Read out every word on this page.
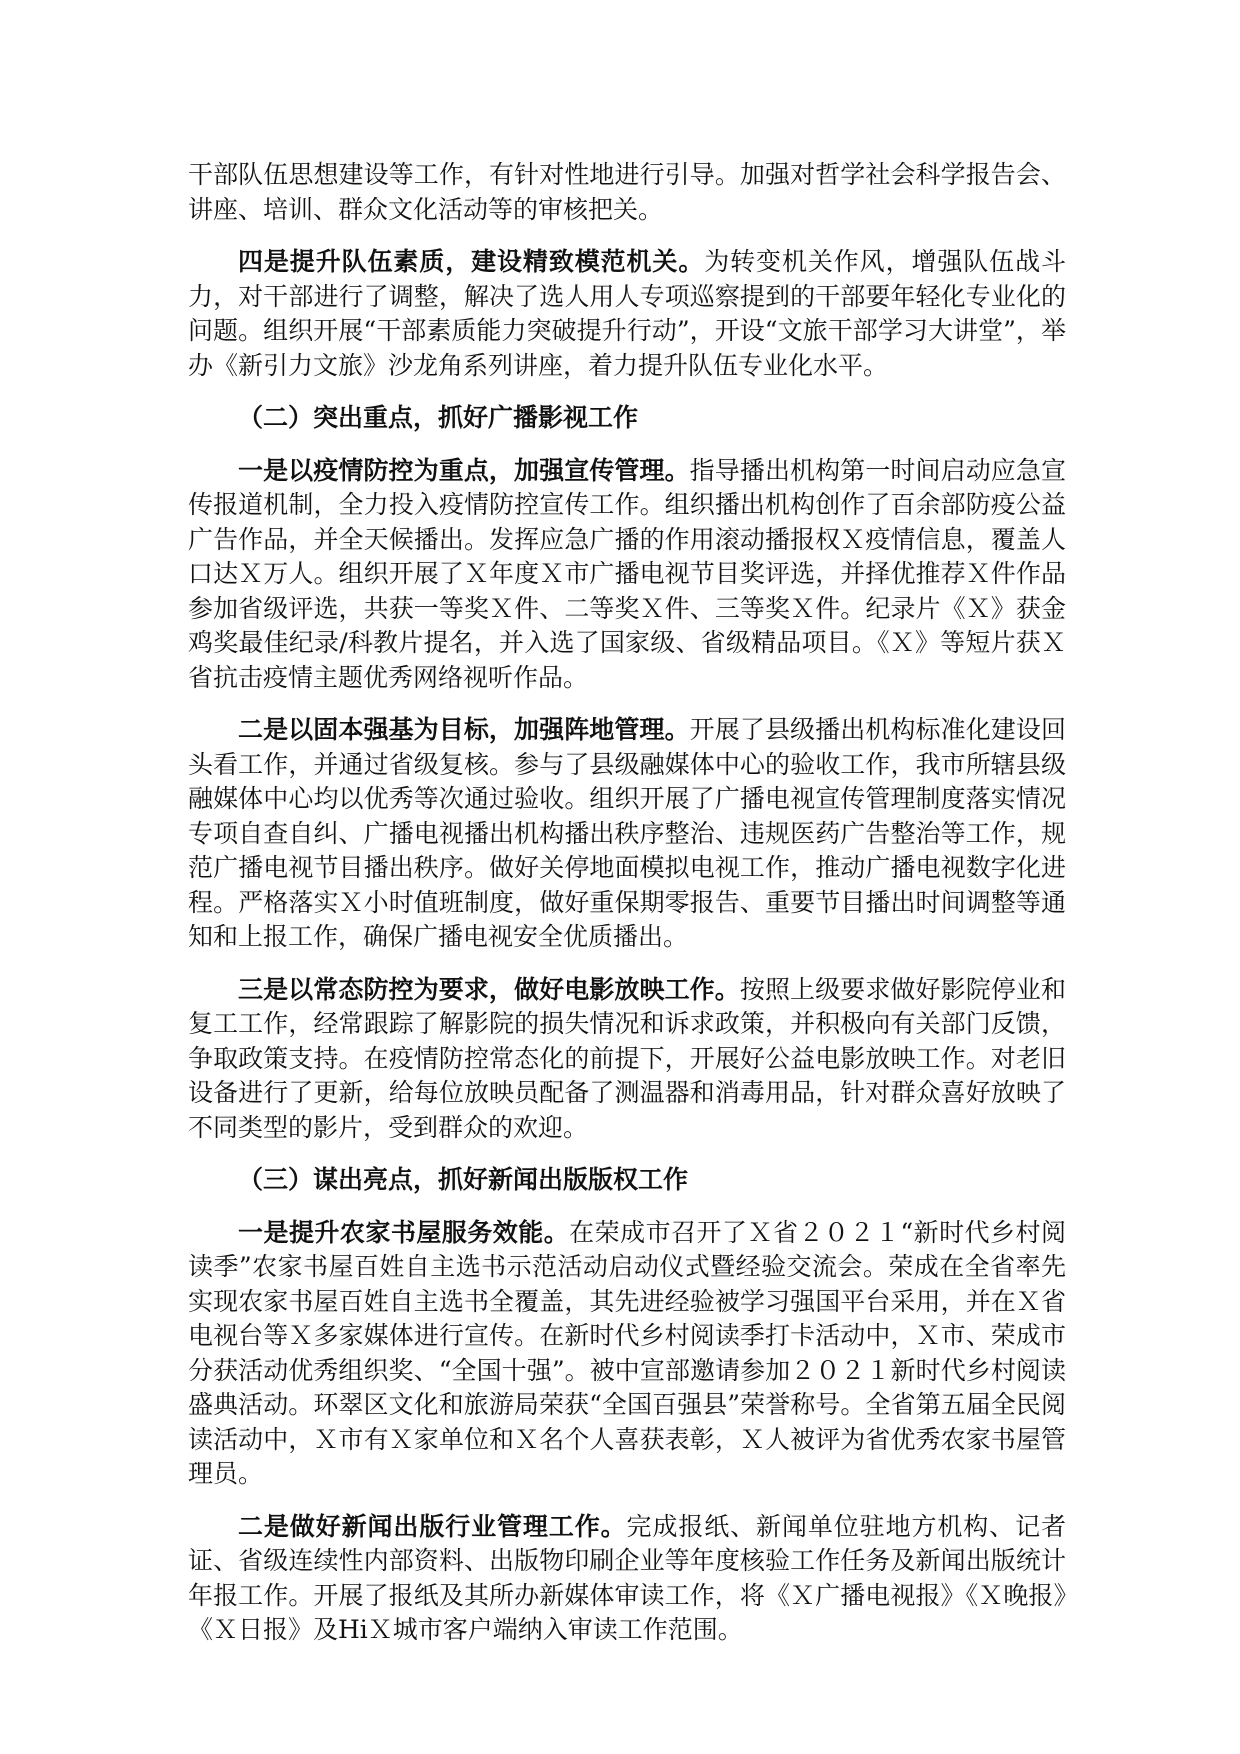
干部队伍思想建设等工作，有针对性地进行引导。加强对哲学社会科学报告会、讲座、培训、群众文化活动等的审核把关。

四是提升队伍素质，建设精致模范机关。为转变机关作风，增强队伍战斗力，对干部进行了调整，解决了选人用人专项巡察提到的干部要年轻化专业化的问题。组织开展“干部素质能力突破提升行动”，开设“文旅干部学习大讲堂”，举办《新引力文旅》沙龙角系列讲座，着力提升队伍专业化水平。

（二）突出重点，抓好广播影视工作

一是以疫情防控为重点，加强宣传管理。指导播出机构第一时间启动应急宣传报道机制，全力投入疫情防控宣传工作。组织播出机构创作了百余部防疫公益广告作品，并全天候播出。发挥应急广播的作用滚动播报权Ｘ疫情信息，覆盖人口达Ｘ万人。组织开展了Ｘ年度Ｘ市广播电视节目奖评选，并择优推荐Ｘ件作品参加省级评选，共获一等奖Ｘ件、二等奖Ｘ件、三等奖Ｘ件。纪录片《Ｘ》获金鸡奖最佳纪录/科教片提名，并入选了国家级、省级精品项目。《Ｘ》等短片获Ｘ省抗击疫情主题优秀网络视听作品。

二是以固本强基为目标，加强阵地管理。开展了县级播出机构标准化建设回头看工作，并通过省级复核。参与了县级融媒体中心的验收工作，我市所辖县级融媒体中心均以优秀等次通过验收。组织开展了广播电视宣传管理制度落实情况专项自查自纠、广播电视播出机构播出秩序整治、违规医药广告整治等工作，规范广播电视节目播出秩序。做好关停地面模拟电视工作，推动广播电视数字化进程。严格落实Ｘ小时值班制度，做好重保期零报告、重要节目播出时间调整等通知和上报工作，确保广播电视安全优质播出。

三是以常态防控为要求，做好电影放映工作。按照上级要求做好影院停业和复工工作，经常跟踪了解影院的损失情况和诉求政策，并积极向有关部门反馈，争取政策支持。在疫情防控常态化的前提下，开展好公益电影放映工作。对老旧设备进行了更新，给每位放映员配备了测温器和消毒用品，针对群众喜好放映了不同类型的影片，受到群众的欢迎。

（三）谋出亮点，抓好新闻出版版权工作

一是提升农家书屋服务效能。在荣成市召开了Ｘ省２０２１“新时代乡村阅读季”农家书屋百姓自主选书示范活动启动仪式暨经验交流会。荣成在全省率先实现农家书屋百姓自主选书全覆盖，其先进经验被学习强国平台采用，并在Ｘ省电视台等Ｘ多家媒体进行宣传。在新时代乡村阅读季打卡活动中，Ｘ市、荣成市分获活动优秀组织奖、“全国十强”。被中宣部邀请参加２０２１新时代乡村阅读盛典活动。环翠区文化和旅游局荣获“全国百强县”荣誉称号。全省第五届全民阅读活动中，Ｘ市有Ｘ家单位和Ｘ名个人喜获表彰，Ｘ人被评为省优秀农家书屋管理员。

二是做好新闻出版行业管理工作。完成报纸、新闻单位驻地方机构、记者证、省级连续性内部资料、出版物印刷企业等年度核验工作任务及新闻出版统计年报工作。开展了报纸及其所办新媒体审读工作，将《Ｘ广播电视报》《Ｘ晚报》《Ｘ日报》及HiＸ城市客户端纳入审读工作范围。
